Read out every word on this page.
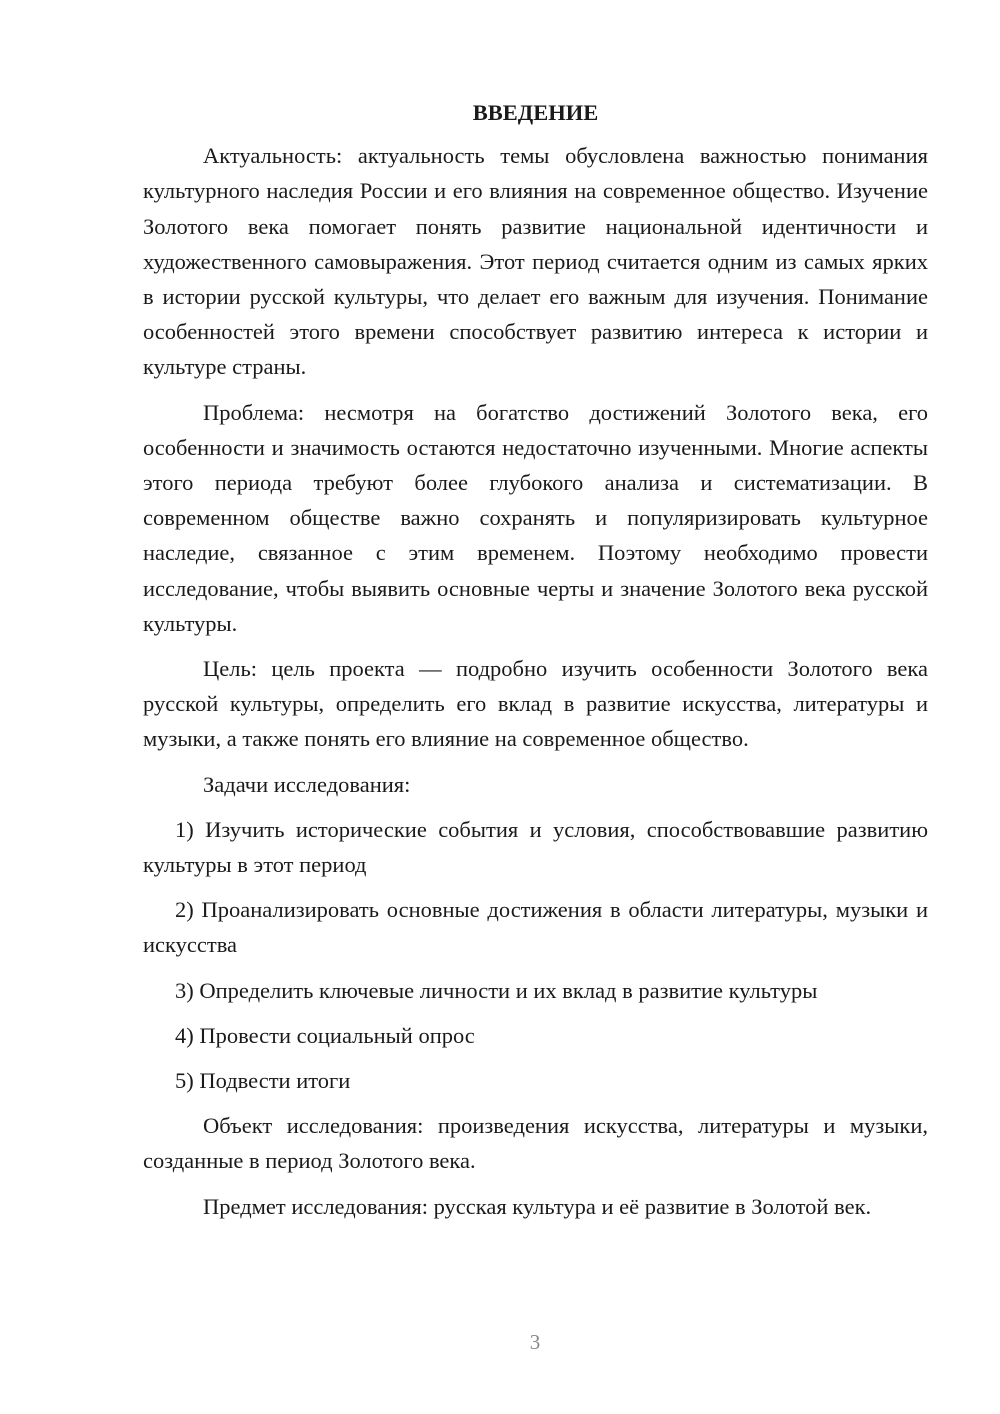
ВВЕДЕНИЕ

Актуальность: актуальность темы обусловлена важностью понимания культурного наследия России и его влияния на современное общество. Изучение Золотого века помогает понять развитие национальной идентичности и художественного самовыражения. Этот период считается одним из самых ярких в истории русской культуры, что делает его важным для изучения. Понимание особенностей этого времени способствует развитию интереса к истории и культуре страны.

Проблема: несмотря на богатство достижений Золотого века, его особенности и значимость остаются недостаточно изученными. Многие аспекты этого периода требуют более глубокого анализа и систематизации. В современном обществе важно сохранять и популяризировать культурное наследие, связанное с этим временем. Поэтому необходимо провести исследование, чтобы выявить основные черты и значение Золотого века русской культуры.

Цель: цель проекта — подробно изучить особенности Золотого века русской культуры, определить его вклад в развитие искусства, литературы и музыки, а также понять его влияние на современное общество.

Задачи исследования:

1) Изучить исторические события и условия, способствовавшие развитию культуры в этот период

2) Проанализировать основные достижения в области литературы, музыки и искусства

3) Определить ключевые личности и их вклад в развитие культуры

4) Провести социальный опрос

5) Подвести итоги

Объект исследования: произведения искусства, литературы и музыки, созданные в период Золотого века.

Предмет исследования: русская культура и её развитие в Золотой век.

3
